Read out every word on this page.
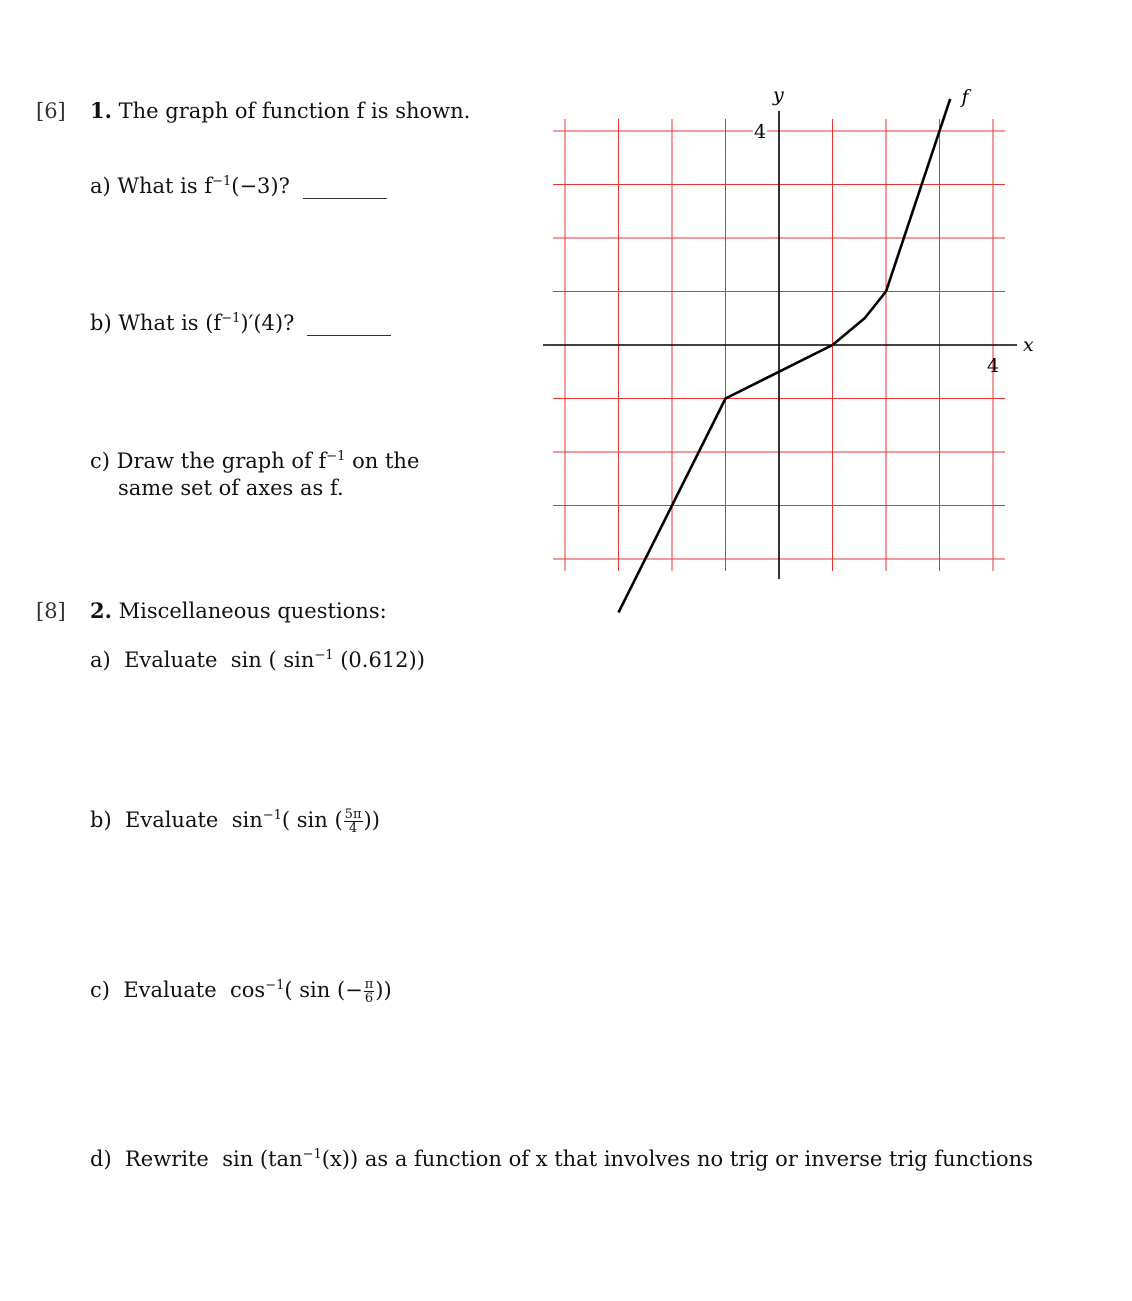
[6] 1. The graph of function f is shown.
a) What is $f^{-1}(-3)$?
b) What is $(f^{-1})'(4)$?
c) Draw the graph of $f^{-1}$ on the
same set of axes as f.
x
y
4
4
f
[8] 2. Miscellaneous questions:
a) Evaluate sin ( $\sin^{-1} (0.612)$)
b) Evaluate $\sin^{-1}$( sin ( $\frac{5\pi}{4}$ ))
c) Evaluate $\cos^{-1}$( sin (− $\frac{\pi}{6}$ ))
d) Rewrite $\sin (\tan^{-1}(x))$ as a function of x that involves no trig or inverse trig functions
